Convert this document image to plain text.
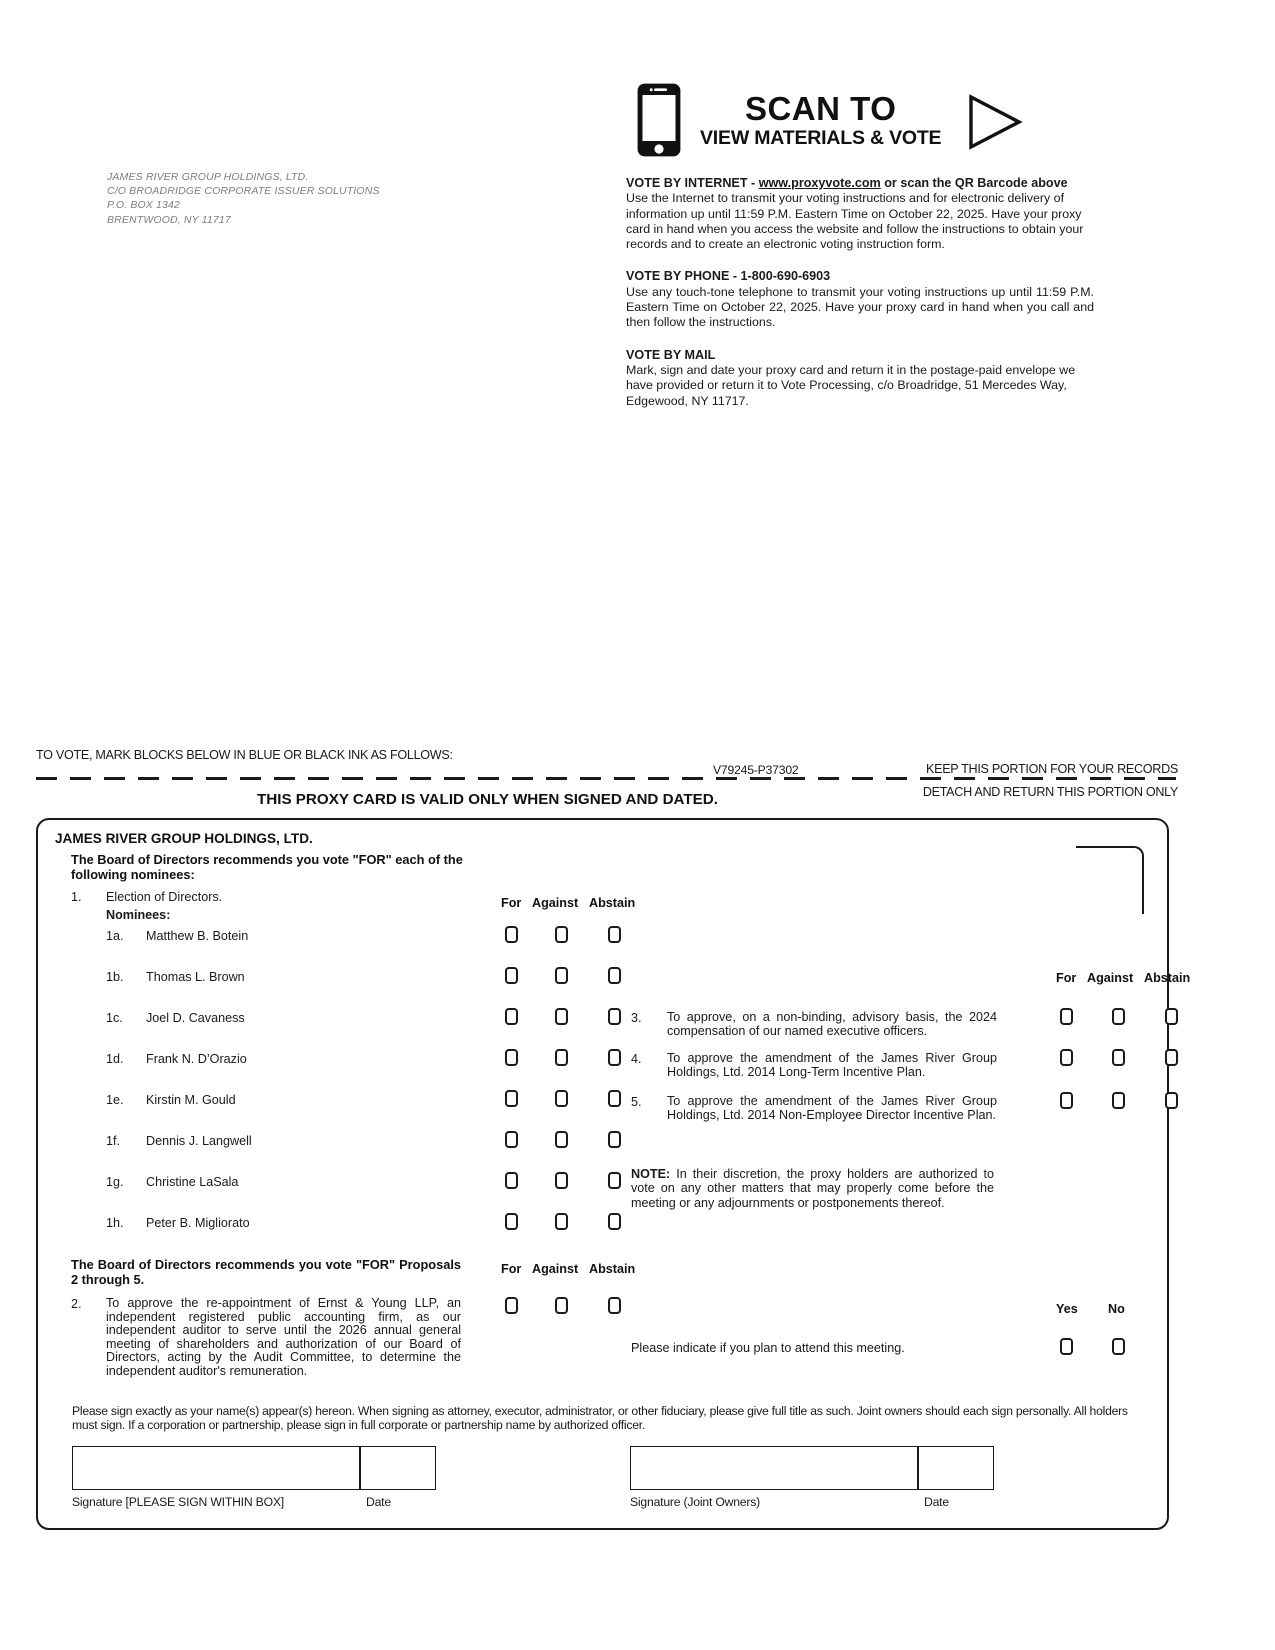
JAMES RIVER GROUP HOLDINGS, LTD.
C/O BROADRIDGE CORPORATE ISSUER SOLUTIONS
P.O. BOX 1342
BRENTWOOD, NY 11717
SCAN TO
VIEW MATERIALS & VOTE
VOTE BY INTERNET - www.proxyvote.com or scan the QR Barcode above
Use the Internet to transmit your voting instructions and for electronic delivery of information up until 11:59 P.M. Eastern Time on October 22, 2025. Have your proxy card in hand when you access the website and follow the instructions to obtain your records and to create an electronic voting instruction form.
VOTE BY PHONE - 1-800-690-6903
Use any touch-tone telephone to transmit your voting instructions up until 11:59 P.M. Eastern Time on October 22, 2025. Have your proxy card in hand when you call and then follow the instructions.
VOTE BY MAIL
Mark, sign and date your proxy card and return it in the postage-paid envelope we have provided or return it to Vote Processing, c/o Broadridge, 51 Mercedes Way, Edgewood, NY 11717.
TO VOTE, MARK BLOCKS BELOW IN BLUE OR BLACK INK AS FOLLOWS:
V79245-P37302	KEEP THIS PORTION FOR YOUR RECORDS
DETACH AND RETURN THIS PORTION ONLY
THIS PROXY CARD IS VALID ONLY WHEN SIGNED AND DATED.
JAMES RIVER GROUP HOLDINGS, LTD.
The Board of Directors recommends you vote "FOR" each of the following nominees:
1. Election of Directors.
Nominees:
For Against Abstain
1a. Matthew B. Botein
1b. Thomas L. Brown
1c. Joel D. Cavaness
1d. Frank N. D’Orazio
1e. Kirstin M. Gould
1f. Dennis J. Langwell
1g. Christine LaSala
1h. Peter B. Migliorato
The Board of Directors recommends you vote "FOR" Proposals 2 through 5.
For Against Abstain
2. To approve the re-appointment of Ernst & Young LLP, an independent registered public accounting firm, as our independent auditor to serve until the 2026 annual general meeting of shareholders and authorization of our Board of Directors, acting by the Audit Committee, to determine the independent auditor's remuneration.
For Against Abstain
3. To approve, on a non-binding, advisory basis, the 2024 compensation of our named executive officers.
4. To approve the amendment of the James River Group Holdings, Ltd. 2014 Long-Term Incentive Plan.
5. To approve the amendment of the James River Group Holdings, Ltd. 2014 Non-Employee Director Incentive Plan.
NOTE: In their discretion, the proxy holders are authorized to vote on any other matters that may properly come before the meeting or any adjournments or postponements thereof.
Yes No
Please indicate if you plan to attend this meeting.
Please sign exactly as your name(s) appear(s) hereon. When signing as attorney, executor, administrator, or other fiduciary, please give full title as such. Joint owners should each sign personally. All holders must sign. If a corporation or partnership, please sign in full corporate or partnership name by authorized officer.
Signature [PLEASE SIGN WITHIN BOX]	Date	Signature (Joint Owners)	Date
